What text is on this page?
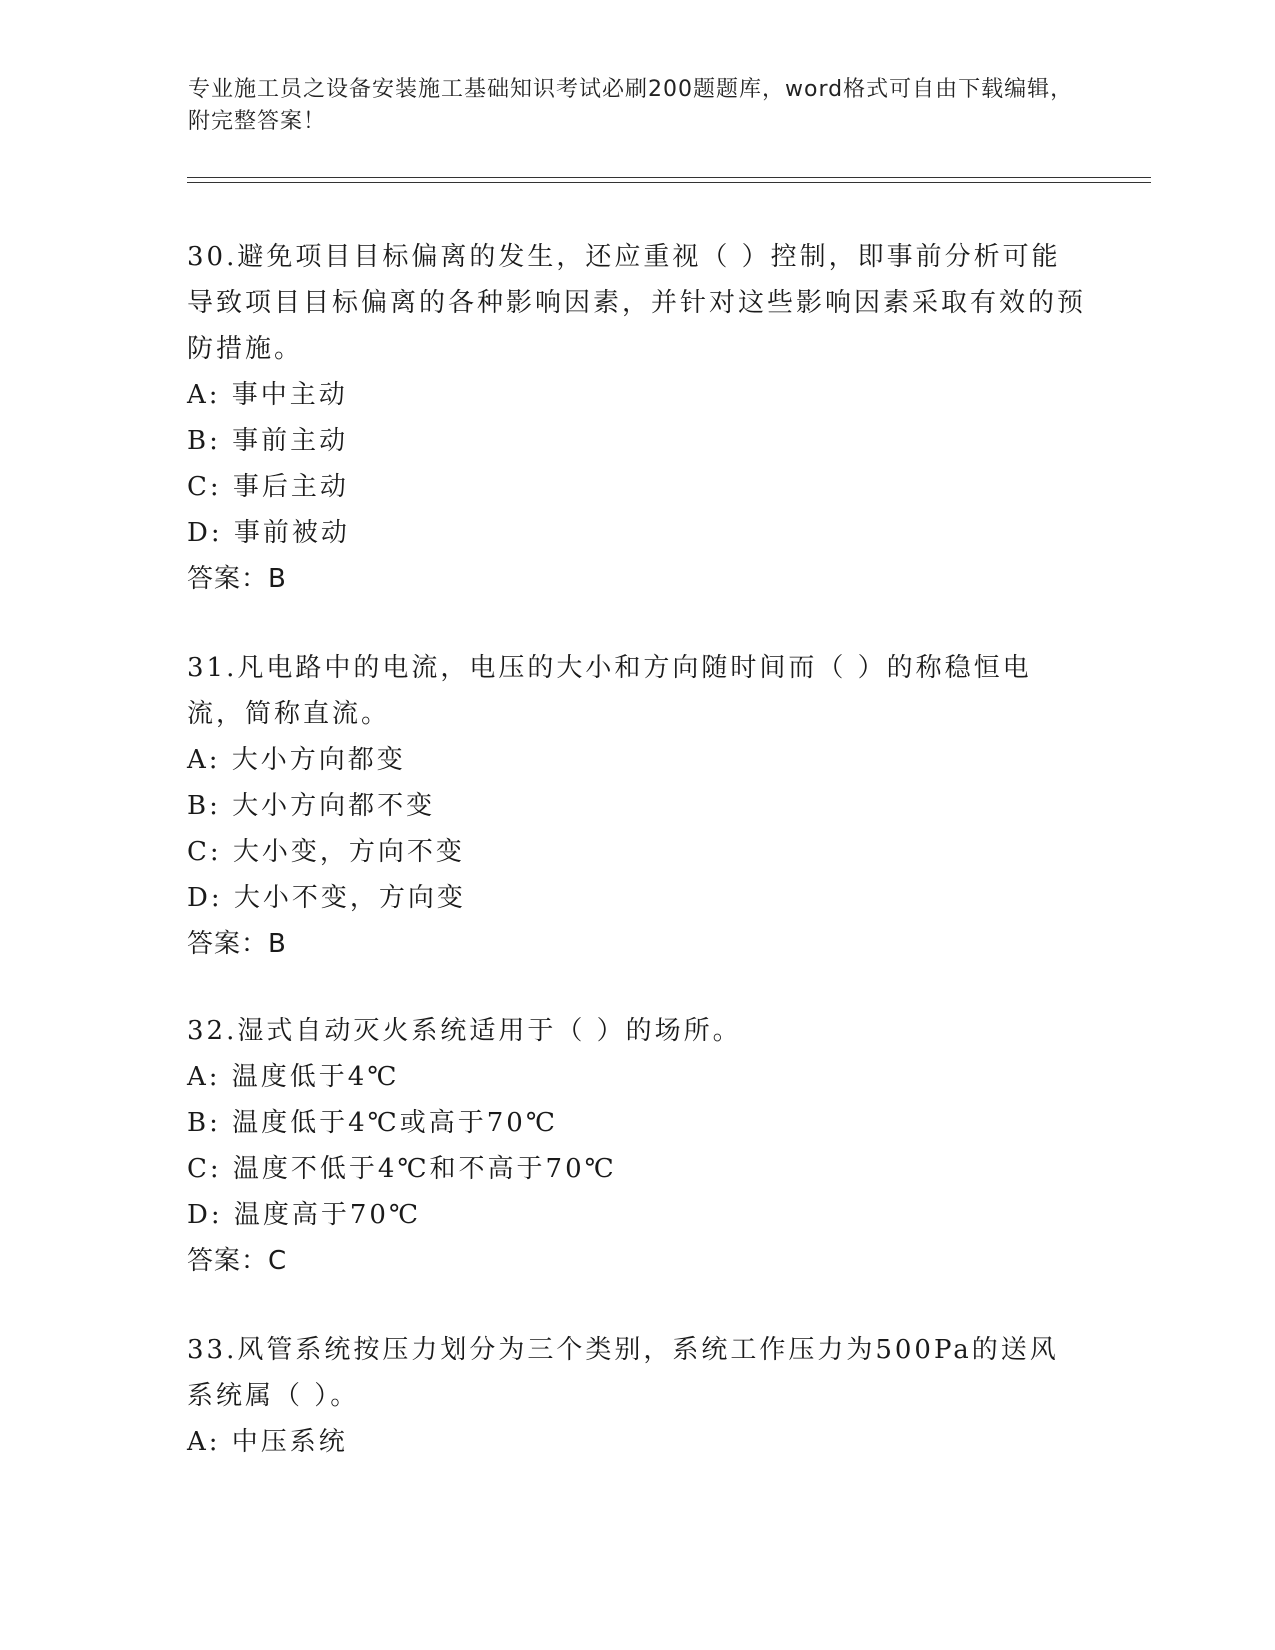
专业施工员之设备安装施工基础知识考试必刷200题题库，word格式可自由下载编辑，附完整答案！

30.避免项目目标偏离的发生，还应重视（ ）控制，即事前分析可能导致项目目标偏离的各种影响因素，并针对这些影响因素采取有效的预防措施。

A: 事中主动

B: 事前主动

C: 事后主动

D: 事前被动

答案：B

31.凡电路中的电流，电压的大小和方向随时间而（ ）的称稳恒电流，简称直流。

A: 大小方向都变

B: 大小方向都不变

C: 大小变，方向不变

D: 大小不变，方向变

答案：B

32.湿式自动灭火系统适用于（ ）的场所。

A: 温度低于4℃

B: 温度低于4℃或高于70℃

C: 温度不低于4℃和不高于70℃

D: 温度高于70℃

答案：C

33.风管系统按压力划分为三个类别，系统工作压力为500Pa的送风系统属（ ）。

A: 中压系统
